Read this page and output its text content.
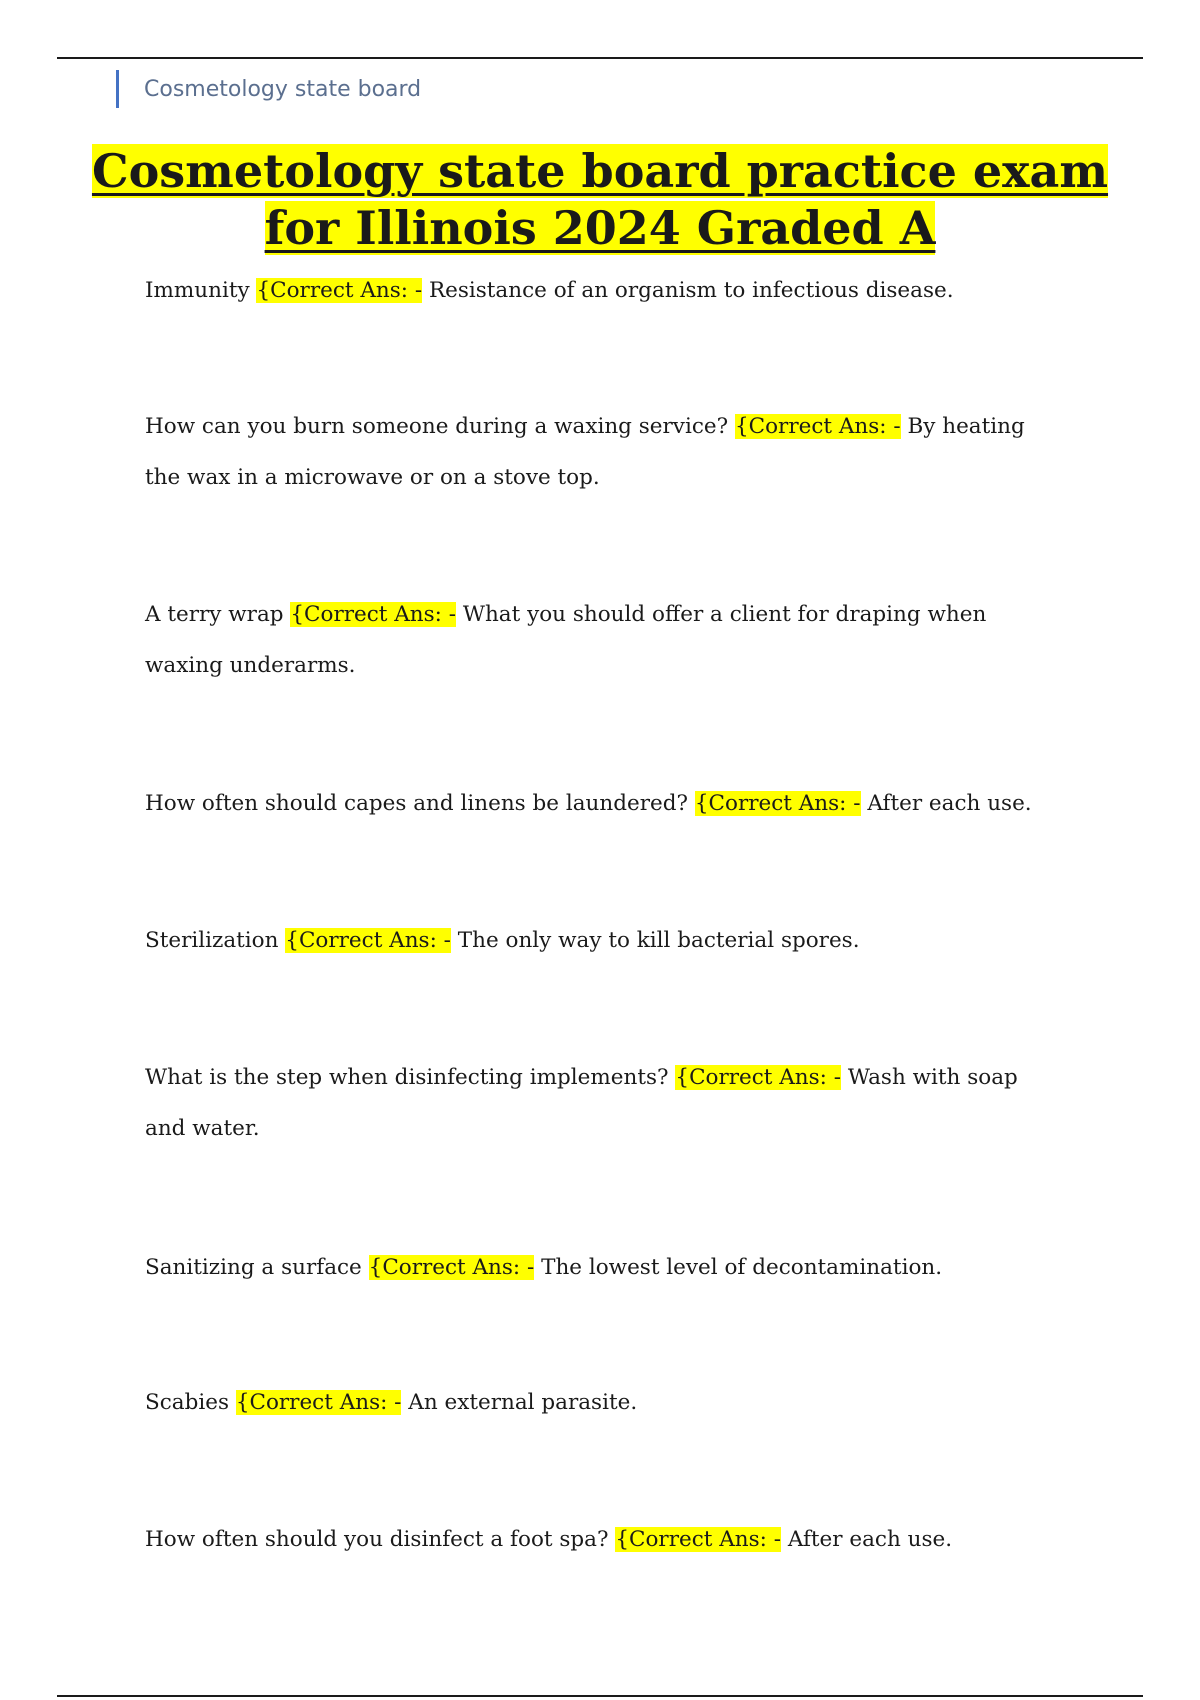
Cosmetology state board
Cosmetology state board practice exam for Illinois 2024 Graded A

Immunity {Correct Ans: - Resistance of an organism to infectious disease.

How can you burn someone during a waxing service? {Correct Ans: - By heating the wax in a microwave or on a stove top.

A terry wrap {Correct Ans: - What you should offer a client for draping when waxing underarms.

How often should capes and linens be laundered? {Correct Ans: - After each use.

Sterilization {Correct Ans: - The only way to kill bacterial spores.

What is the step when disinfecting implements? {Correct Ans: - Wash with soap and water.

Sanitizing a surface {Correct Ans: - The lowest level of decontamination.

Scabies {Correct Ans: - An external parasite.

How often should you disinfect a foot spa? {Correct Ans: - After each use.
